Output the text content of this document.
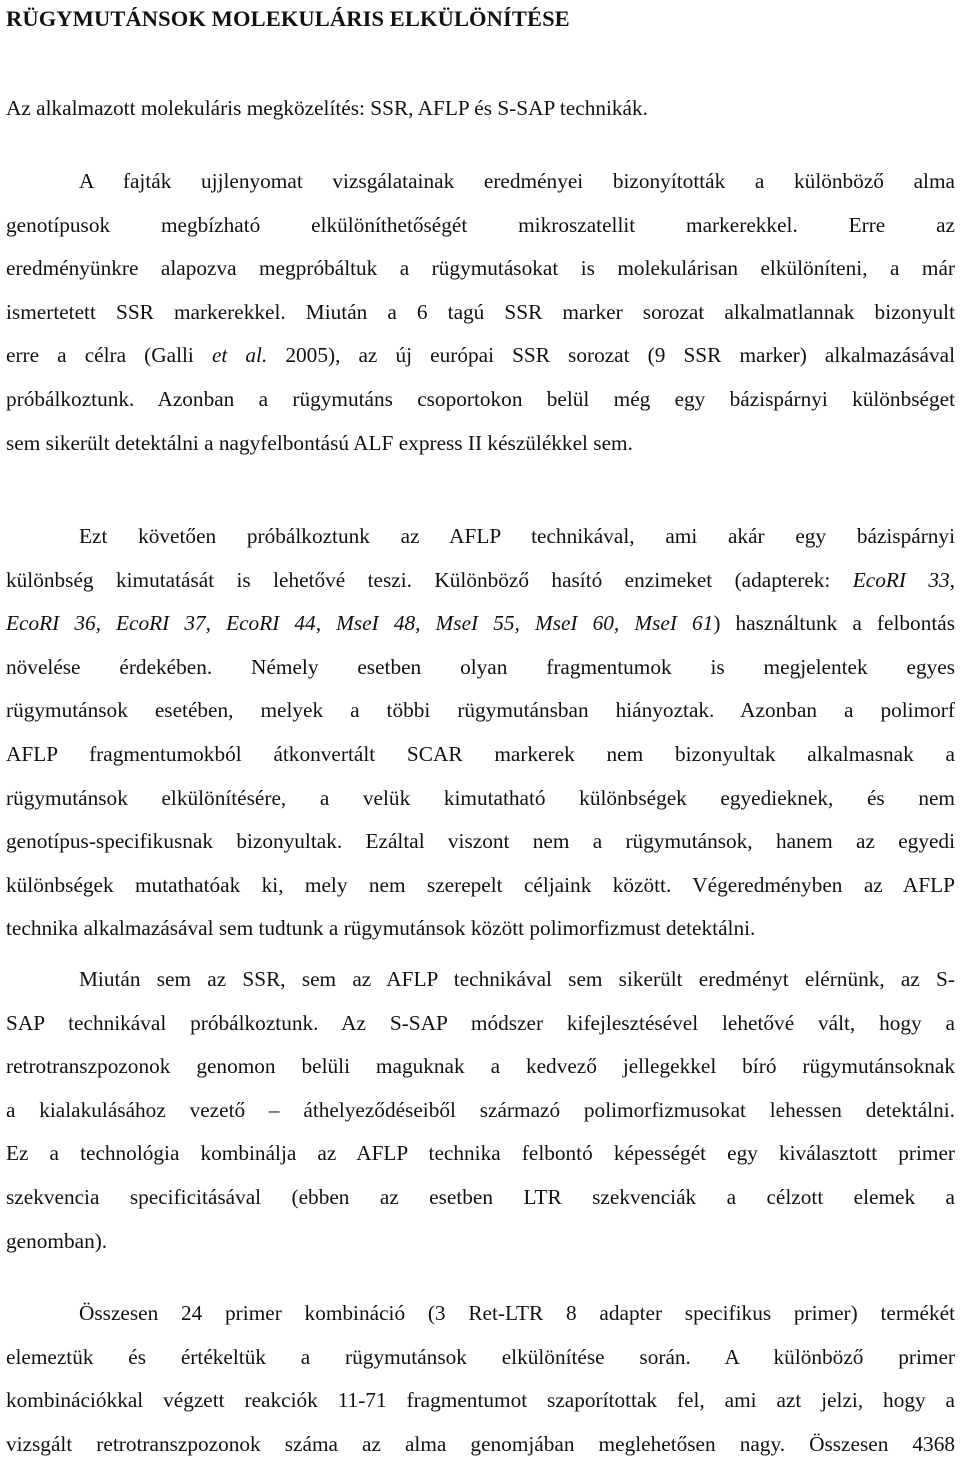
RÜGYMUTÁNSOK MOLEKULÁRIS ELKÜLÖNÍTÉSE
Az alkalmazott molekuláris megközelítés: SSR, AFLP és S-SAP technikák.
A fajták ujjlenyomat vizsgálatainak eredményei bizonyították a különböző alma
genotípusok megbízható elkülöníthetőségét mikroszatellit markerekkel. Erre az
eredményünkre alapozva megpróbáltuk a rügymutásokat is molekulárisan elkülöníteni, a már
ismertetett SSR markerekkel. Miután a 6 tagú SSR marker sorozat alkalmatlannak bizonyult
erre a célra (Galli et al. 2005), az új európai SSR sorozat (9 SSR marker) alkalmazásával
próbálkoztunk. Azonban a rügymutáns csoportokon belül még egy bázispárnyi különbséget
sem sikerült detektálni a nagyfelbontású ALF express II készülékkel sem.
Ezt követően próbálkoztunk az AFLP technikával, ami akár egy bázispárnyi
különbség kimutatását is lehetővé teszi. Különböző hasító enzimeket (adapterek: EcoRI 33,
EcoRI 36, EcoRI 37, EcoRI 44, MseI 48, MseI 55, MseI 60, MseI 61) használtunk a felbontás
növelése érdekében. Némely esetben olyan fragmentumok is megjelentek egyes
rügymutánsok esetében, melyek a többi rügymutánsban hiányoztak. Azonban a polimorf
AFLP fragmentumokból átkonvertált SCAR markerek nem bizonyultak alkalmasnak a
rügymutánsok elkülönítésére, a velük kimutatható különbségek egyedieknek, és nem
genotípus-specifikusnak bizonyultak. Ezáltal viszont nem a rügymutánsok, hanem az egyedi
különbségek mutathatóak ki, mely nem szerepelt céljaink között. Végeredményben az AFLP
technika alkalmazásával sem tudtunk a rügymutánsok között polimorfizmust detektálni.
Miután sem az SSR, sem az AFLP technikával sem sikerült eredményt elérnünk, az S-
SAP technikával próbálkoztunk. Az S-SAP módszer kifejlesztésével lehetővé vált, hogy a
retrotranszpozonok genomon belüli maguknak a kedvező jellegekkel bíró rügymutánsoknak
a kialakulásához vezető – áthelyeződéseiből származó polimorfizmusokat lehessen detektálni.
Ez a technológia kombinálja az AFLP technika felbontó képességét egy kiválasztott primer
szekvencia specificitásával (ebben az esetben LTR szekvenciák a célzott elemek a
genomban).
Összesen 24 primer kombináció (3 Ret-LTR 8 adapter specifikus primer) termékét
elemeztük és értékeltük a rügymutánsok elkülönítése során. A különböző primer
kombinációkkal végzett reakciók 11-71 fragmentumot szaporítottak fel, ami azt jelzi, hogy a
vizsgált retrotranszpozonok száma az alma genomjában meglehetősen nagy. Összesen 4368
